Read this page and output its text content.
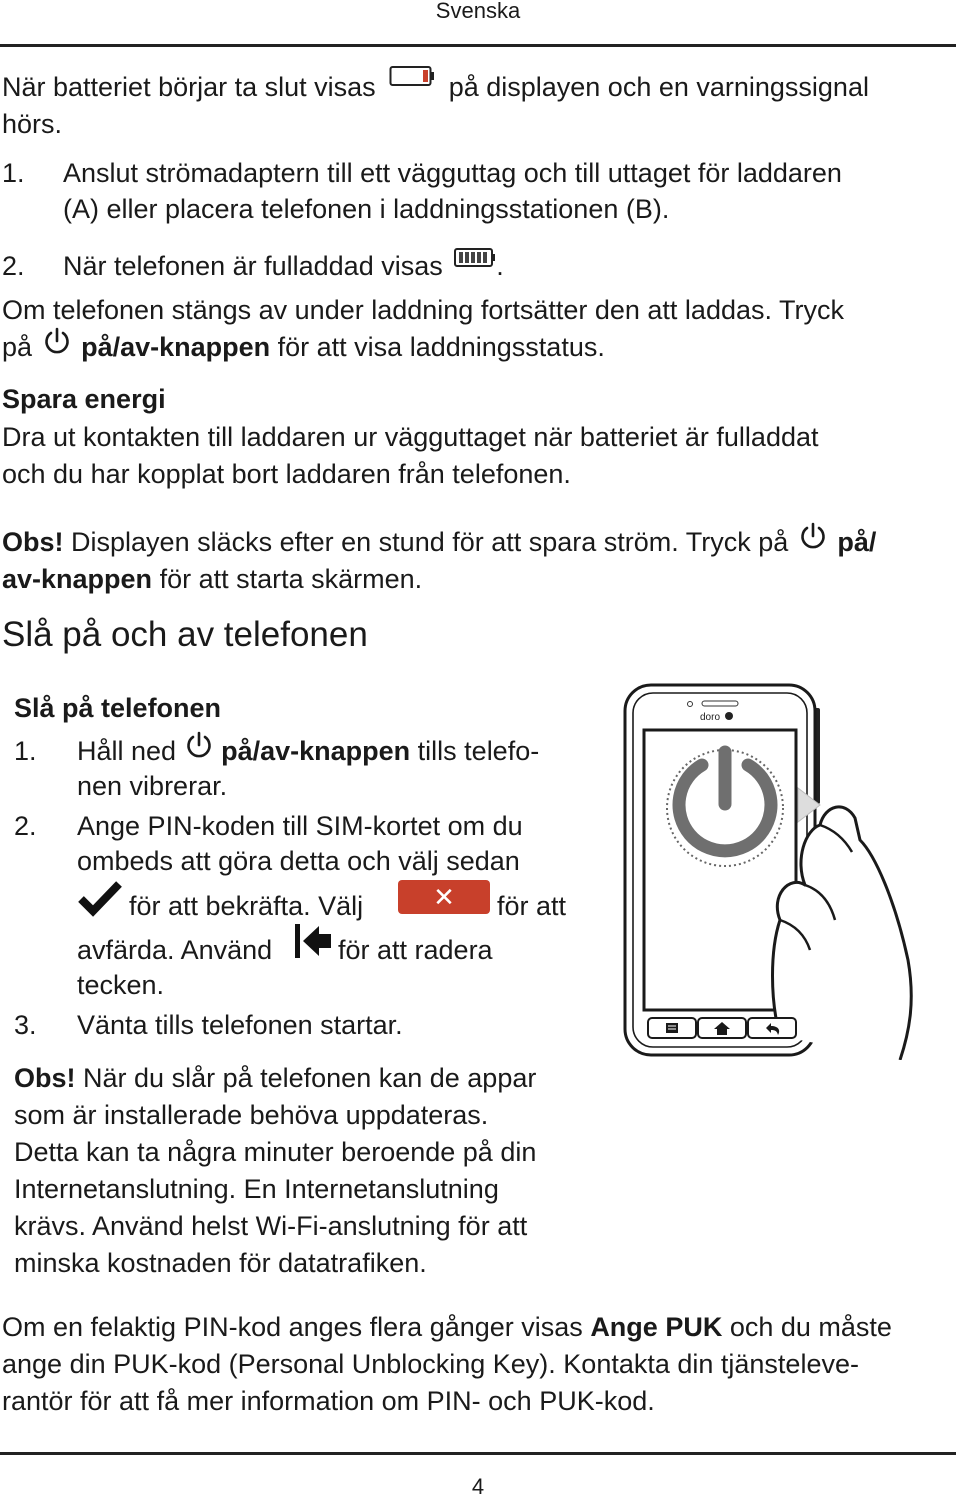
Svenska
När batteriet börjar ta slut visas	på displayen och en varningssignal
hörs.
1. Anslut strömadaptern till ett vägguttag och till uttaget för laddaren
(A) eller placera telefonen i laddningsstationen (B).
2. När telefonen är fulladdad visas .
Om telefonen stängs av under laddning fortsätter den att laddas. Tryck
på på/av-knappen för att visa laddningsstatus.
Spara energi
Dra ut kontakten till laddaren ur vägguttaget när batteriet är fulladdat
och du har kopplat bort laddaren från telefonen.
Obs! Displayen släcks efter en stund för att spara ström. Tryck på på/
av-knappen för att starta skärmen.
Slå på och av telefonen
Slå på telefonen
1. Håll ned på/av-knappen tills telefo-
nen vibrerar.
2. Ange PIN-koden till SIM-kortet om du
ombeds att göra detta och välj sedan
för att bekräfta. Välj	✕	för att
avfärda. Använd för att radera
tecken.
3. Vänta tills telefonen startar.
Obs! När du slår på telefonen kan de appar
som är installerade behöva uppdateras.
Detta kan ta några minuter beroende på din
Internetanslutning. En Internetanslutning
krävs. Använd helst Wi-Fi-anslutning för att
minska kostnaden för datatrafiken.
Om en felaktig PIN-kod anges flera gånger visas Ange PUK och du måste
ange din PUK-kod (Personal Unblocking Key). Kontakta din tjänsteleve-
rantör för att få mer information om PIN- och PUK-kod.
doro
4
